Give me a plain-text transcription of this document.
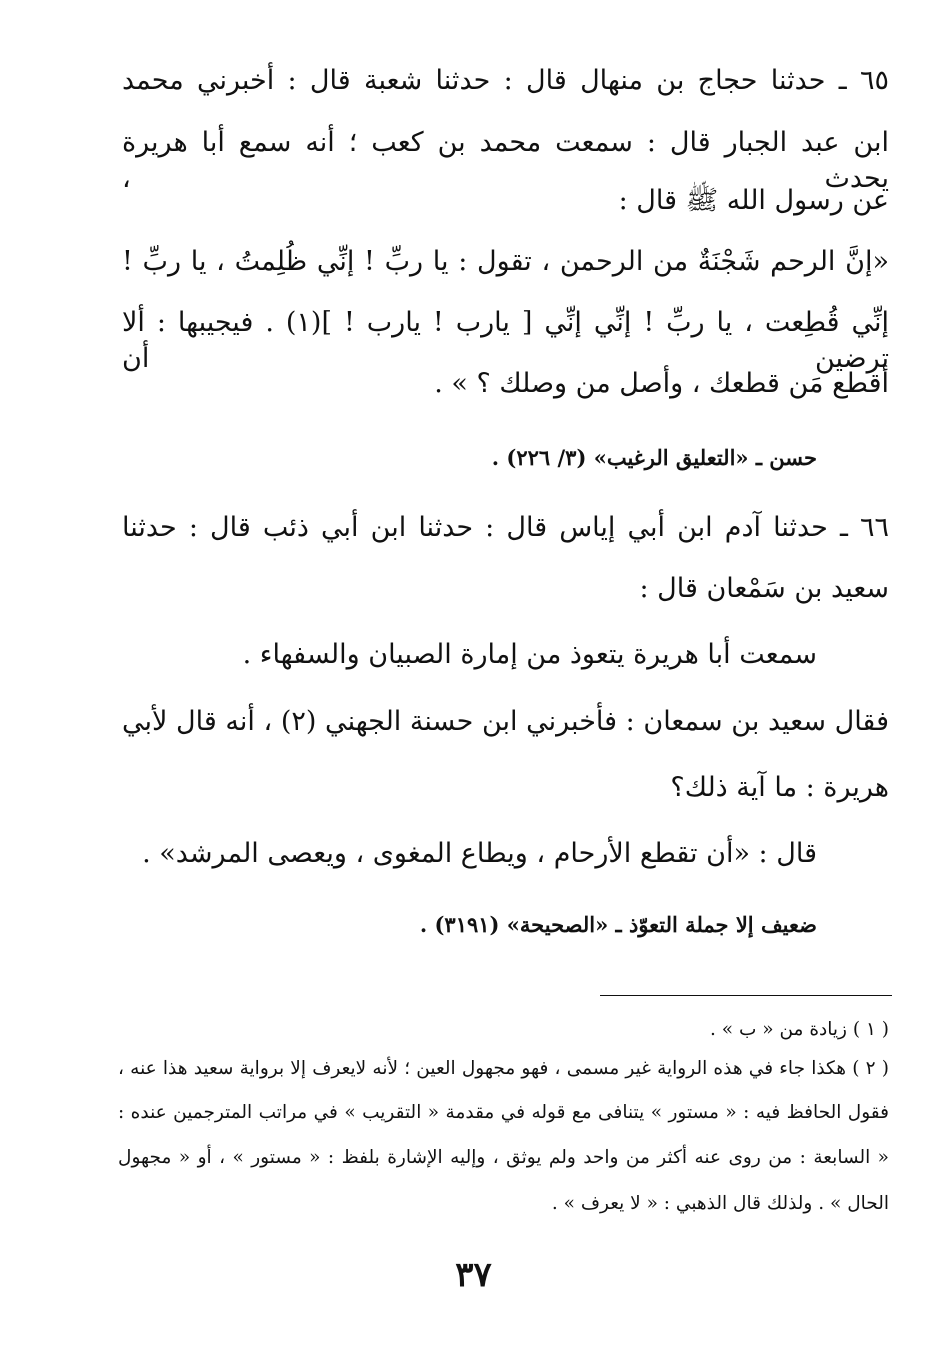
٦٥ ـ حدثنا حجاج بن منهال قال : حدثنا شعبة قال : أخبرني محمد
ابن عبد الجبار قال : سمعت محمد بن كعب ؛ أنه سمع أبا هريرة يحدث ،
عن رسول الله ﷺ قال :
«إنَّ الرحم شَجْنَةٌ من الرحمن ، تقول : يا ربِّ ! إنِّي ظُلِمتُ ، يا ربِّ !
إنِّي قُطِعت ، يا ربِّ ! إنِّي إنِّي [ يارب ! يارب ! ](١) . فيجيبها : ألا ترضين أن
أقطع مَن قطعك ، وأصل من وصلك ؟ » .
حسن ـ «التعليق الرغيب» (٣/ ٢٢٦) .
٦٦ ـ حدثنا آدم ابن أبي إياس قال : حدثنا ابن أبي ذئب قال : حدثنا
سعيد بن سَمْعان قال :
سمعت أبا هريرة يتعوذ من إمارة الصبيان والسفهاء .
فقال سعيد بن سمعان : فأخبرني ابن حسنة الجهني (٢) ، أنه قال لأبي
هريرة : ما آية ذلك؟
قال : «أن تقطع الأرحام ، ويطاع المغوى ، ويعصى المرشد» .
ضعيف إلا جملة التعوّذ ـ «الصحيحة» (٣١٩١) .
( ١ ) زيادة من « ب » .
( ٢ ) هكذا جاء في هذه الرواية غير مسمى ، فهو مجهول العين ؛ لأنه لايعرف إلا برواية سعيد هذا عنه ،
فقول الحافظ فيه : « مستور » يتنافى مع قوله في مقدمة « التقريب » في مراتب المترجمين عنده :
« السابعة : من روى عنه أكثر من واحد ولم يوثق ، وإليه الإشارة بلفظ : « مستور » ، أو « مجهول
الحال » . ولذلك قال الذهبي : « لا يعرف » .
٣٧
